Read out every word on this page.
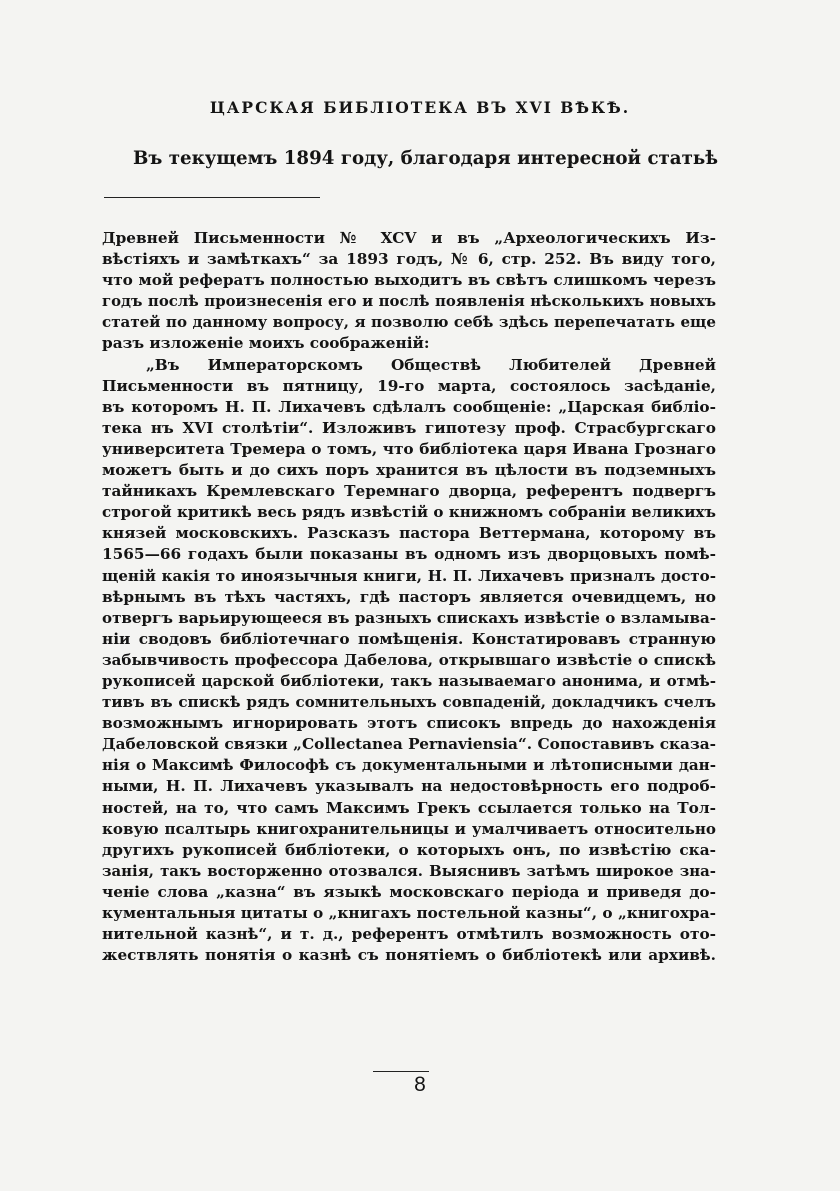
ЦАРСКАЯ БИБЛIОТЕКА ВЪ XVI ВѢКѢ.
Въ текущемъ 1894 году, благодаря интересной статьѣ
Древней Письменности № XCV и въ „Археологическихъ Из-
вѣстiяхъ и замѣткахъ“ за 1893 годъ, № 6, стр. 252. Въ виду того,
что мой рефератъ полностью выходитъ въ свѣтъ слишкомъ черезъ
годъ послѣ произнесенiя его и послѣ появленiя нѣсколькихъ новыхъ
статей по данному вопросу, я позволю себѣ здѣсь перепечатать еще
разъ изложенiе моихъ соображенiй:
„Въ Императорскомъ Обществѣ Любителей Древней
Письменности въ пятницу, 19-го марта, состоялось засѣданiе,
въ которомъ Н. П. Лихачевъ сдѣлалъ сообщенiе: „Царская библio-
тека нъ XVI столѣтiи“. Изложивъ гипотезу проф. Страсбургскаго
университета Тремера о томъ, что библiотека царя Ивана Грознаго
можетъ быть и до сихъ поръ хранится въ цѣлости въ подземныхъ
тайникахъ Кремлевскаго Теремнаго дворца, референтъ подвергъ
строгой критикѣ весь рядъ извѣстiй о книжномъ собранiи великихъ
князей московскихъ. Разсказъ пастора Веттермана, которому въ
1565—66 годахъ были показаны въ одномъ изъ дворцовыхъ помѣ-
щенiй какiя то иноязычныя книги, Н. П. Лихачевъ призналъ досто-
вѣрнымъ въ тѣхъ частяхъ, гдѣ пасторъ является очевидцемъ, но
отвергъ варьирующееся въ разныхъ спискахъ извѣстiе о взламыва-
нiи сводовъ библiотечнаго помѣщенiя. Констатировавъ странную
забывчивость профессора Дабелова, открывшаго извѣстiе о спискѣ
рукописей царской библiотеки, такъ называемаго анонима, и отмѣ-
тивъ въ спискѣ рядъ сомнительныхъ совпаденiй, докладчикъ счелъ
возможнымъ игнорировать этотъ списокъ впредь до нахожденiя
Дабеловской связки „Collectanea Pernaviensia“. Сопоставивъ сказа-
нiя о Максимѣ Философѣ съ документальными и лѣтописными дан-
ными, Н. П. Лихачевъ указывалъ на недостовѣрность его подроб-
ностей, на то, что самъ Максимъ Грекъ ссылается только на Тол-
ковую псалтырь книгохранительницы и умалчиваетъ относительно
другихъ рукописей библiотеки, о которыхъ онъ, по извѣстiю ска-
занiя, такъ восторженно отозвался. Выяснивъ затѣмъ широкое зна-
ченiе слова „казна“ въ языкѣ московскаго перiода и приведя до-
кументальныя цитаты о „книгахъ постельной казны“, о „книгохра-
нительной казнѣ“, и т. д., референтъ отмѣтилъ возможность ото-
жествлять понятiя о казнѣ съ понятiемъ о библiотекѣ или архивѣ.
8
